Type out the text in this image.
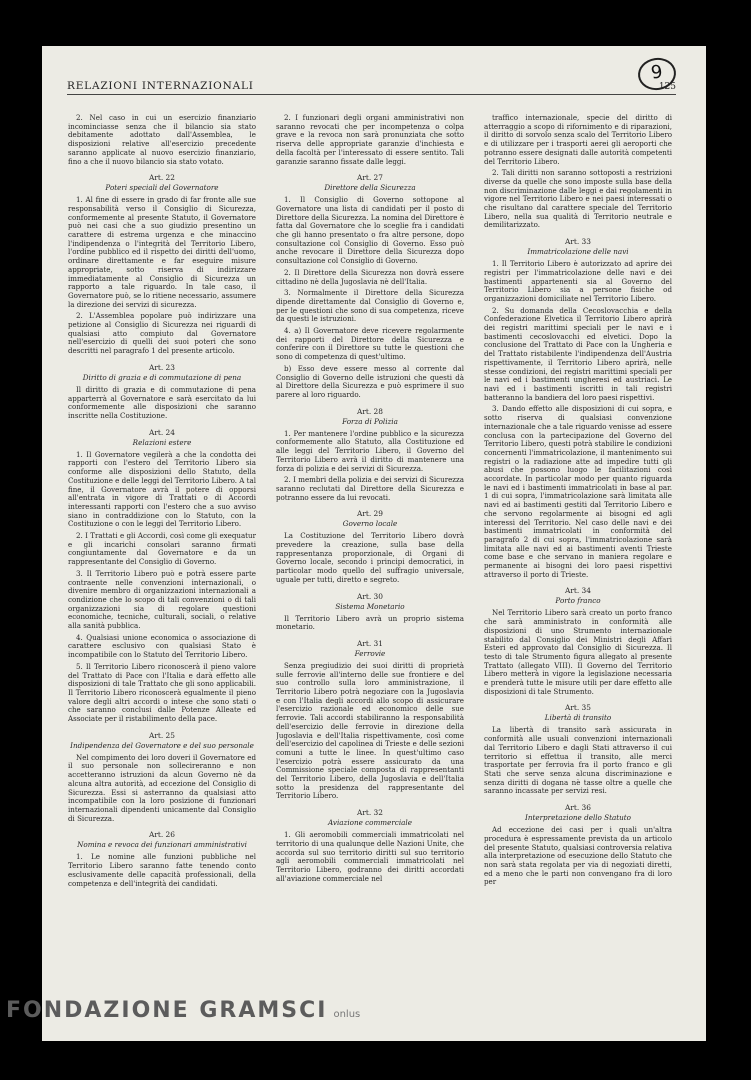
RELAZIONI INTERNAZIONALI	125
9

2. Nel caso in cui un esercizio finanziario incominciasse senza che il bilancio sia stato debitamente adottato dall'Assemblea, le disposizioni relative all'esercizio precedente saranno applicate al nuovo esercizio finanziario, fino a che il nuovo bilancio sia stato votato.

Art. 22
Poteri speciali del Governatore

1. Al fine di essere in grado di far fronte alle sue responsabilità verso il Consiglio di Sicurezza, conformemente al presente Statuto, il Governatore può nei casi che a suo giudizio presentino un carattere di estrema urgenza e che minaccino l'indipendenza o l'integrità del Territorio Libero, l'ordine pubblico ed il rispetto dei diritti dell'uomo, ordinare direttamente e far eseguire misure appropriate, sotto riserva di indirizzare immediatamente al Consiglio di Sicurezza un rapporto a tale riguardo. In tale caso, il Governatore può, se lo ritiene necessario, assumere la direzione dei servizi di sicurezza.

2. L'Assemblea popolare può indirizzare una petizione al Consiglio di Sicurezza nei riguardi di qualsiasi atto compiuto dal Governatore nell'esercizio di quelli dei suoi poteri che sono descritti nel paragrafo 1 del presente articolo.

Art. 23
Diritto di grazia e di commutazione di pena

Il diritto di grazia e di commutazione di pena apparterrà al Governatore e sarà esercitato da lui conformemente alle disposizioni che saranno inscritte nella Costituzione.

Art. 24
Relazioni estere

1. Il Governatore vegilerà a che la condotta dei rapporti con l'estero del Territorio Libero sia conforme alle disposizioni dello Statuto, della Costituzione e delle leggi del Territorio Libero. A tal fine, il Governatore avrà il potere di opporsi all'entrata in vigore di Trattati o di Accordi interessanti rapporti con l'estero che a suo avviso siano in contraddizione con lo Statuto, con la Costituzione o con le leggi del Territorio Libero.

2. I Trattati e gli Accordi, così come gli exequatur e gli incarichi consolari saranno firmati congiuntamente dal Governatore e da un rappresentante del Consiglio di Governo.

3. Il Territorio Libero può e potrà essere parte contraente nelle convenzioni internazionali, o divenire membro di organizzazioni internazionali a condizione che lo scopo di tali convenzioni o di tali organizzazioni sia di regolare questioni economiche, tecniche, culturali, sociali, o relative alla sanità pubblica.

4. Qualsiasi unione economica o associazione di carattere esclusivo con qualsiasi Stato è incompatibile con lo Statuto del Territorio Libero.

5. Il Territorio Libero riconoscerà il pieno valore del Trattato di Pace con l'Italia e darà effetto alle disposizioni di tale Trattato che gli sono applicabili. Il Territorio Libero riconoscerà egualmente il pieno valore degli altri accordi o intese che sono stati o che saranno conclusi dalle Potenze Alleate ed Associate per il ristabilimento della pace.

Art. 25
Indipendenza del Governatore e del suo personale

Nel compimento dei loro doveri il Governatore ed il suo personale non sollecireranno e non accetteranno istruzioni da alcun Governo nè da alcuna altra autorità, ad eccezione del Consiglio di Sicurezza. Essi si asterranno da qualsiasi atto incompatibile con la loro posizione di funzionari internazionali dipendenti unicamente dal Consiglio di Sicurezza.

Art. 26
Nomina e revoca dei funzionari amministrativi

1. Le nomine alle funzioni pubbliche nel Territorio Libero saranno fatte tenendo conto esclusivamente delle capacità professionali, della competenza e dell'integrità dei candidati.

2. I funzionari degli organi amministrativi non saranno revocati che per incompetenza o colpa grave e la revoca non sarà pronunziata che sotto riserva delle appropriate garanzie d'inchiesta e della facoltà per l'interessato di essere sentito. Tali garanzie saranno fissate dalle leggi.

Art. 27
Direttore della Sicurezza

1. Il Consiglio di Governo sottopone al Governatore una lista di candidati per il posto di Direttore della Sicurezza. La nomina del Direttore è fatta dal Governatore che lo sceglie fra i candidati che gli hanno presentato o fra altre persone, dopo consultazione col Consiglio di Governo. Esso può anche revocare il Direttore della Sicurezza dopo consultazione col Consiglio di Governo.

2. Il Direttore della Sicurezza non dovrà essere cittadino nè della Jugoslavia nè dell'Italia.

3. Normalmente il Direttore della Sicurezza dipende direttamente dal Consiglio di Governo e, per le questioni che sono di sua competenza, riceve da questi le istruzioni.

4. a) Il Governatore deve ricevere regolarmente dei rapporti del Direttore della Sicurezza e conferire con il Direttore su tutte le questioni che sono di competenza di quest'ultimo.

b) Esso deve essere messo al corrente dal Consiglio di Governo delle istruzioni che questi dà al Direttore della Sicurezza e può esprimere il suo parere al loro riguardo.

Art. 28
Forza di Polizia

1. Per mantenere l'ordine pubblico e la sicurezza conformemente allo Statuto, alla Costituzione ed alle leggi del Territorio Libero, il Governo del Territorio Libero avrà il diritto di mantenere una forza di polizia e dei servizi di Sicurezza.

2. I membri della polizia e dei servizi di Sicurezza saranno reclutati dal Direttore della Sicurezza e potranno essere da lui revocati.

Art. 29
Governo locale

La Costituzione del Territorio Libero dovrà prevedere la creazione, sulla base della rappresentanza proporzionale, di Organi di Governo locale, secondo i principi democratici, in particolar modo quello del suffragio universale, uguale per tutti, diretto e segreto.

Art. 30
Sistema Monetario

Il Territorio Libero avrà un proprio sistema monetario.

Art. 31
Ferrovie

Senza pregiudizio dei suoi diritti di proprietà sulle ferrovie all'interno delle sue frontiere e del suo controllo sulla loro amministrazione, il Territorio Libero potrà negoziare con la Jugoslavia e con l'Italia degli accordi allo scopo di assicurare l'esercizio razionale ed economico delle sue ferrovie. Tali accordi stabiliranno la responsabilità dell'esercizio delle ferrovie in direzione della Jugoslavia e dell'Italia rispettivamente, così come dell'esercizio del capolinea di Trieste e delle sezioni comuni a tutte le linee. In quest'ultimo caso l'esercizio potrà essere assicurato da una Commissione speciale composta di rappresentanti del Territorio Libero, della Jugoslavia e dell'Italia sotto la presidenza del rappresentante del Territorio Libero.

Art. 32
Aviazione commerciale

1. Gli aeromobili commerciali immatricolati nel territorio di una qualunque delle Nazioni Unite, che accorda sul suo territorio diritti sul suo territorio agli aeromobili commerciali immatricolati nel Territorio Libero, godranno dei diritti accordati all'aviazione commerciale nel

traffico internazionale, specie del diritto di atterraggio a scopo di rifornimento e di riparazioni, il diritto di sorvolo senza scalo del Territorio Libero e di utilizzare per i trasporti aerei gli aeroporti che potranno essere designati dalle autorità competenti del Territorio Libero.

2. Tali diritti non saranno sottoposti a restrizioni diverse da quelle che sono imposte sulla base della non discriminazione dalle leggi e dai regolamenti in vigore nel Territorio Libero e nei paesi interessati o che risultano dal carattere speciale del Territorio Libero, nella sua qualità di Territorio neutrale e demilitarizzato.

Art. 33
Immatricolazione delle navi

1. Il Territorio Libero è autorizzato ad aprire dei registri per l'immatricolazione delle navi e dei bastimenti appartenenti sia al Governo del Territorio Libero sia a persone fisiche od organizzazioni domiciliate nel Territorio Libero.

2. Su domanda della Cecoslovacchia e della Confederazione Elvetica il Territorio Libero aprirà dei registri marittimi speciali per le navi e i bastimenti cecoslovacchi ed elvetici. Dopo la conclusione del Trattato di Pace con la Ungheria e del Trattato ristabilente l'indipendenza dell'Austria rispettivamente, il Territorio Libero aprirà, nelle stesse condizioni, dei registri marittimi speciali per le navi ed i bastimenti ungheresi ed austriaci. Le navi ed i bastimenti iscritti in tali registri batteranno la bandiera del loro paesi rispettivi.

3. Dando effetto alle disposizioni di cui sopra, e sotto riserva di qualsiasi convenzione internazionale che a tale riguardo venisse ad essere conclusa con la partecipazione del Governo del Territorio Libero, questi potrà stabilire le condizioni concernenti l'immatricolazione, il mantenimento sui registri o la radiazione atte ad impedire tutti gli abusi che possono luogo le facilitazioni così accordate. In particolar modo per quanto riguarda le navi ed i bastimenti immatricolati in base al par. 1 di cui sopra, l'immatricolazione sarà limitata alle navi ed ai bastimenti gestiti dal Territorio Libero e che servono regolarmente ai bisogni ed agli interessi del Territorio. Nel caso delle navi e dei bastimenti immatricolati in conformità del paragrafo 2 di cui sopra, l'immatricolazione sarà limitata alle navi ed ai bastimenti aventi Trieste come base e che servano in maniera regolare e permanente ai bisogni dei loro paesi rispettivi attraverso il porto di Trieste.

Art. 34
Porto franco

Nel Territorio Libero sarà creato un porto franco che sarà amministrato in conformità alle disposizioni di uno Strumento internazionale stabilito dal Consiglio dei Ministri degli Affari Esteri ed approvato dal Consiglio di Sicurezza. Il testo di tale Strumento figura allegato al presente Trattato (allegato VIII). Il Governo del Territorio Libero metterà in vigore la legislazione necessaria e prenderà tutte le misure utili per dare effetto alle disposizioni di tale Strumento.

Art. 35
Libertà di transito

La libertà di transito sarà assicurata in conformità alle usuali convenzioni internazionali dal Territorio Libero e dagli Stati attraverso il cui territorio si effettua il transito, alle merci trasportate per ferrovia fra il porto franco e gli Stati che serve senza alcuna discriminazione e senza diritti di dogana nè tasse oltre a quelle che saranno incassate per servizi resi.

Art. 36
Interpretazione dello Statuto

Ad eccezione dei casi per i quali un'altra procedura è espressamente prevista da un articolo del presente Statuto, qualsiasi controversia relativa alla interpretazione od esecuzione dello Statuto che non sarà stata regolata per via di negoziati diretti, ed a meno che le parti non convengano fra di loro per

FONDAZIONE GRAMSCI onlus
